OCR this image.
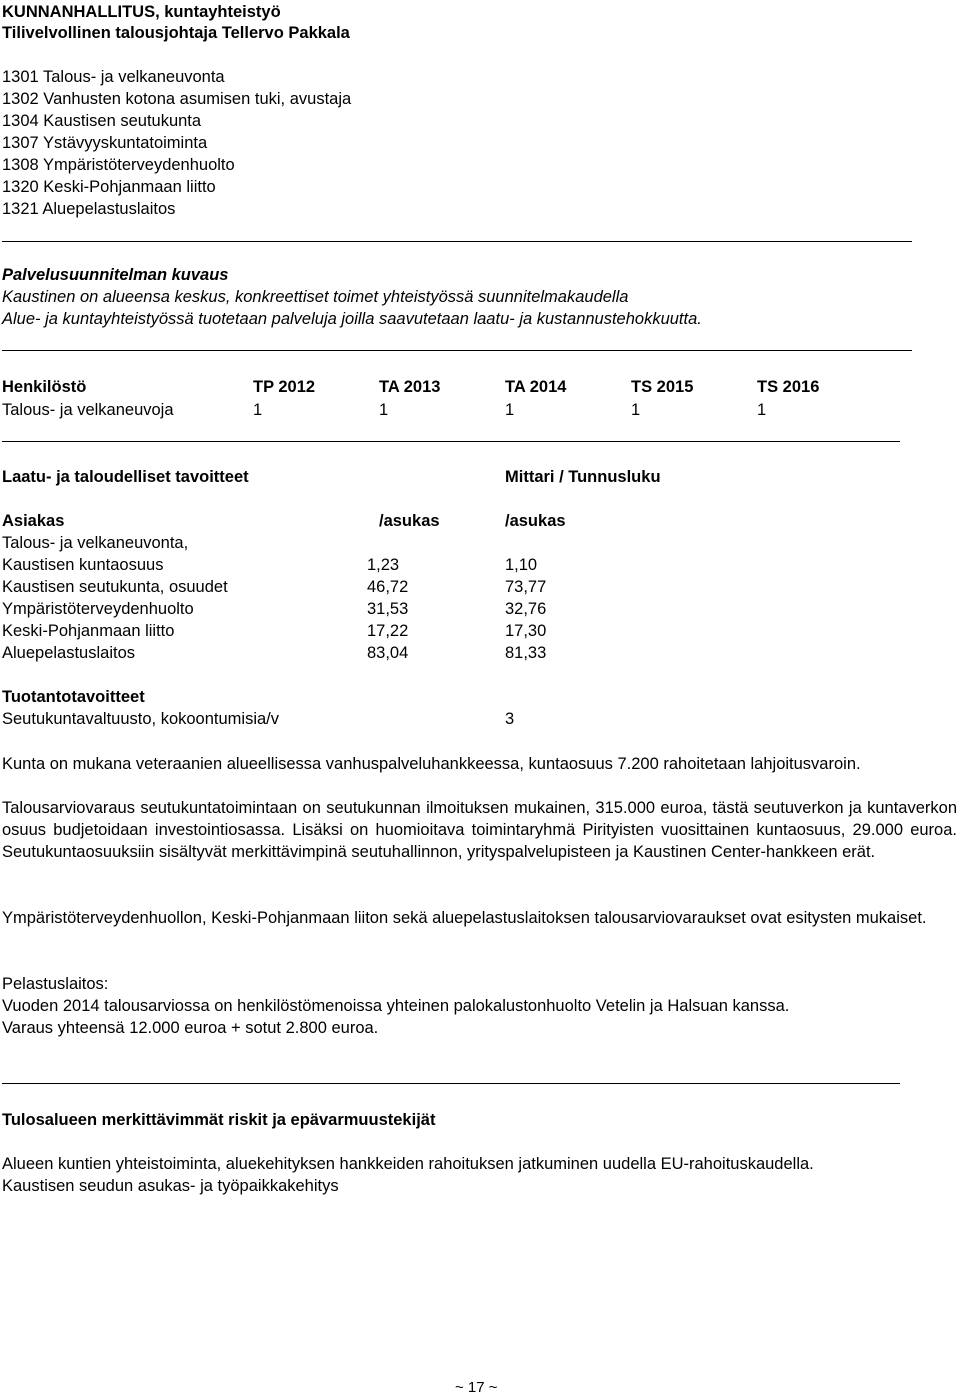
KUNNANHALLITUS, kuntayhteistyö
Tilivelvollinen talousjohtaja Tellervo Pakkala
1301 Talous- ja velkaneuvonta
1302 Vanhusten kotona asumisen tuki, avustaja
1304 Kaustisen seutukunta
1307 Ystävyyskuntatoiminta
1308 Ympäristöterveydenhuolto
1320 Keski-Pohjanmaan liitto
1321 Aluepelastuslaitos
Palvelusuunnitelman kuvaus
Kaustinen on alueensa keskus, konkreettiset toimet yhteistyössä suunnitelmakaudella
Alue- ja kuntayhteistyössä tuotetaan palveluja joilla saavutetaan laatu- ja kustannustehokkuutta.
Henkilöstö	TP 2012	TA 2013	TA 2014	TS 2015	TS 2016
Talous- ja velkaneuvoja	1	1	1	1	1
Laatu- ja taloudelliset tavoitteet	Mittari / Tunnusluku
Asiakas	/asukas	/asukas
Talous- ja velkaneuvonta,
Kaustisen kuntaosuus	1,23	1,10
Kaustisen seutukunta, osuudet	46,72	73,77
Ympäristöterveydenhuolto	31,53	32,76
Keski-Pohjanmaan liitto	17,22	17,30
Aluepelastuslaitos	83,04	81,33
Tuotantotavoitteet
Seutukuntavaltuusto, kokoontumisia/v	3
Kunta on mukana veteraanien alueellisessa vanhuspalveluhankkeessa, kuntaosuus 7.200 rahoitetaan lahjoitusvaroin.
Talousarviovaraus seutukuntatoimintaan on seutukunnan ilmoituksen mukainen, 315.000 euroa, tästä seutuverkon ja kuntaverkon osuus budjetoidaan investointiosassa. Lisäksi on huomioitava toimintaryhmä Pirityisten vuosittainen kuntaosuus, 29.000 euroa. Seutukuntaosuuksiin sisältyvät merkittävimpinä seutuhallinnon, yrityspalvelupisteen ja Kaustinen Center-hankkeen erät.
Ympäristöterveydenhuollon, Keski-Pohjanmaan liiton sekä aluepelastuslaitoksen talousarviovaraukset ovat esitysten mukaiset.
Pelastuslaitos:
Vuoden 2014 talousarviossa on henkilöstömenoissa yhteinen palokalustonhuolto Vetelin ja Halsuan kanssa.
Varaus yhteensä 12.000 euroa + sotut 2.800 euroa.
Tulosalueen merkittävimmät riskit ja epävarmuustekijät
Alueen kuntien yhteistoiminta, aluekehityksen hankkeiden rahoituksen jatkuminen uudella EU-rahoituskaudella.
Kaustisen seudun asukas- ja työpaikkakehitys
~ 17 ~
